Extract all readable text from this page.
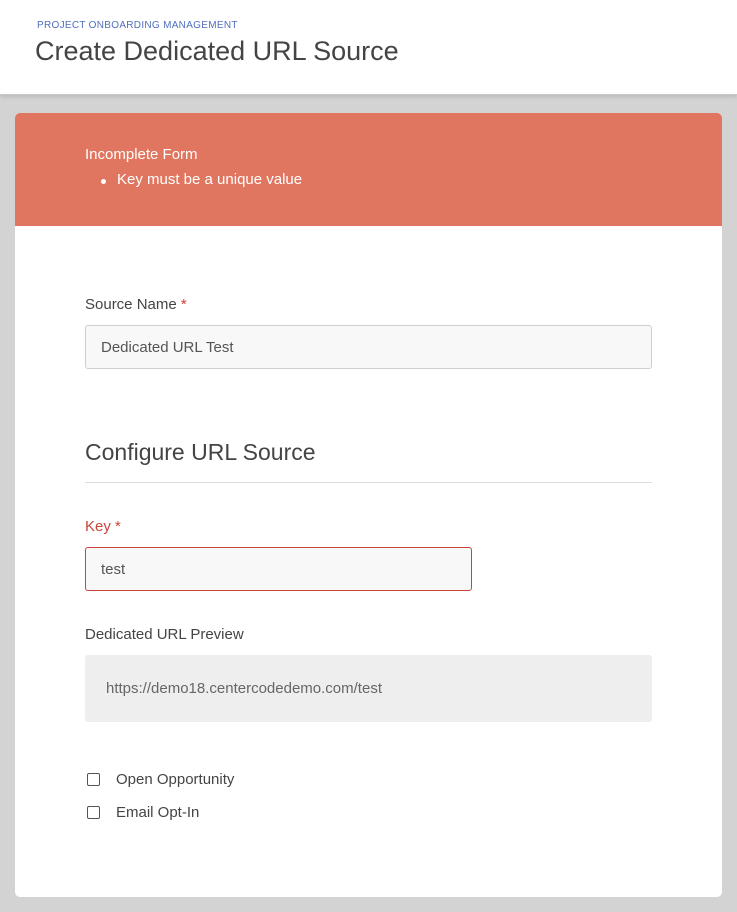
PROJECT ONBOARDING MANAGEMENT
Create Dedicated URL Source
Incomplete Form
Key must be a unique value
Source Name *
Dedicated URL Test
Configure URL Source
Key *
test
Dedicated URL Preview
https://demo18.centercodedemo.com/test
Open Opportunity
Email Opt-In
